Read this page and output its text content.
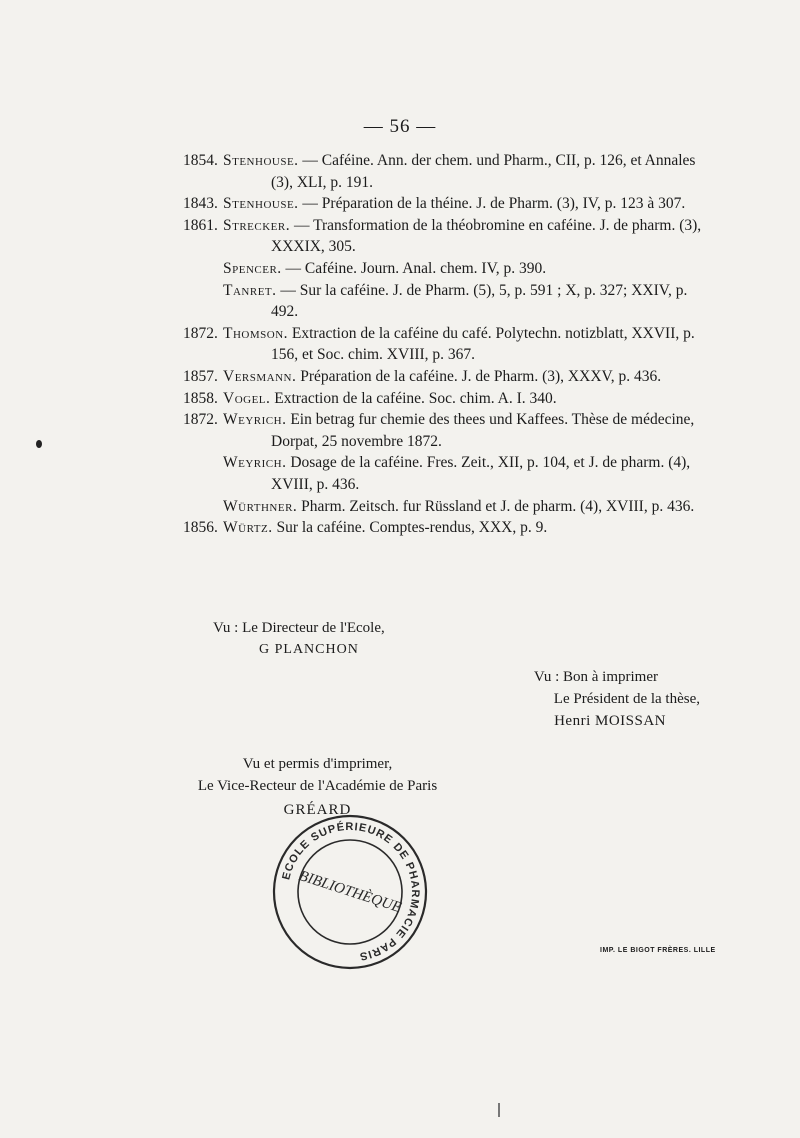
— 56 —
1854. Stenhouse. — Caféine. Ann. der chem. und Pharm., CII, p. 126, et Annales (3), XLI, p. 191.
1843. Stenhouse. — Préparation de la théine. J. de Pharm. (3), IV, p. 123 à 307.
1861. Strecker. — Transformation de la théobromine en caféine. J. de pharm. (3), XXXIX, 305.
Spencer. — Caféine. Journ. Anal. chem. IV, p. 390.
Tanret. — Sur la caféine. J. de Pharm. (5), 5, p. 591 ; X, p. 327; XXIV, p. 492.
1872. Thomson. Extraction de la caféine du café. Polytechn. notizblatt, XXVII, p. 156, et Soc. chim. XVIII, p. 367.
1857. Versmann. Préparation de la caféine. J. de Pharm. (3), XXXV, p. 436.
1858. Vogel. Extraction de la caféine. Soc. chim. A. I. 340.
1872. Weyrich. Ein betrag fur chemie des thees und Kaffees. Thèse de médecine, Dorpat, 25 novembre 1872.
Weyrich. Dosage de la caféine. Fres. Zeit., XII, p. 104, et J. de pharm. (4), XVIII, p. 436.
Würthner. Pharm. Zeitsch. fur Rüssland et J. de pharm. (4), XVIII, p. 436.
1856. Würtz. Sur la caféine. Comptes-rendus, XXX, p. 9.
Vu : Le Directeur de l'Ecole,
G PLANCHON
Vu : Bon à imprimer
Le Président de la thèse,
Henri MOISSAN
Vu et permis d'imprimer,
Le Vice-Recteur de l'Académie de Paris
GRÉARD
ECOLE SUPÉRIEURE DE PHARMACIE PARIS
BIBLIOTHÈQUE
IMP. LE BIGOT FRÈRES. LILLE
